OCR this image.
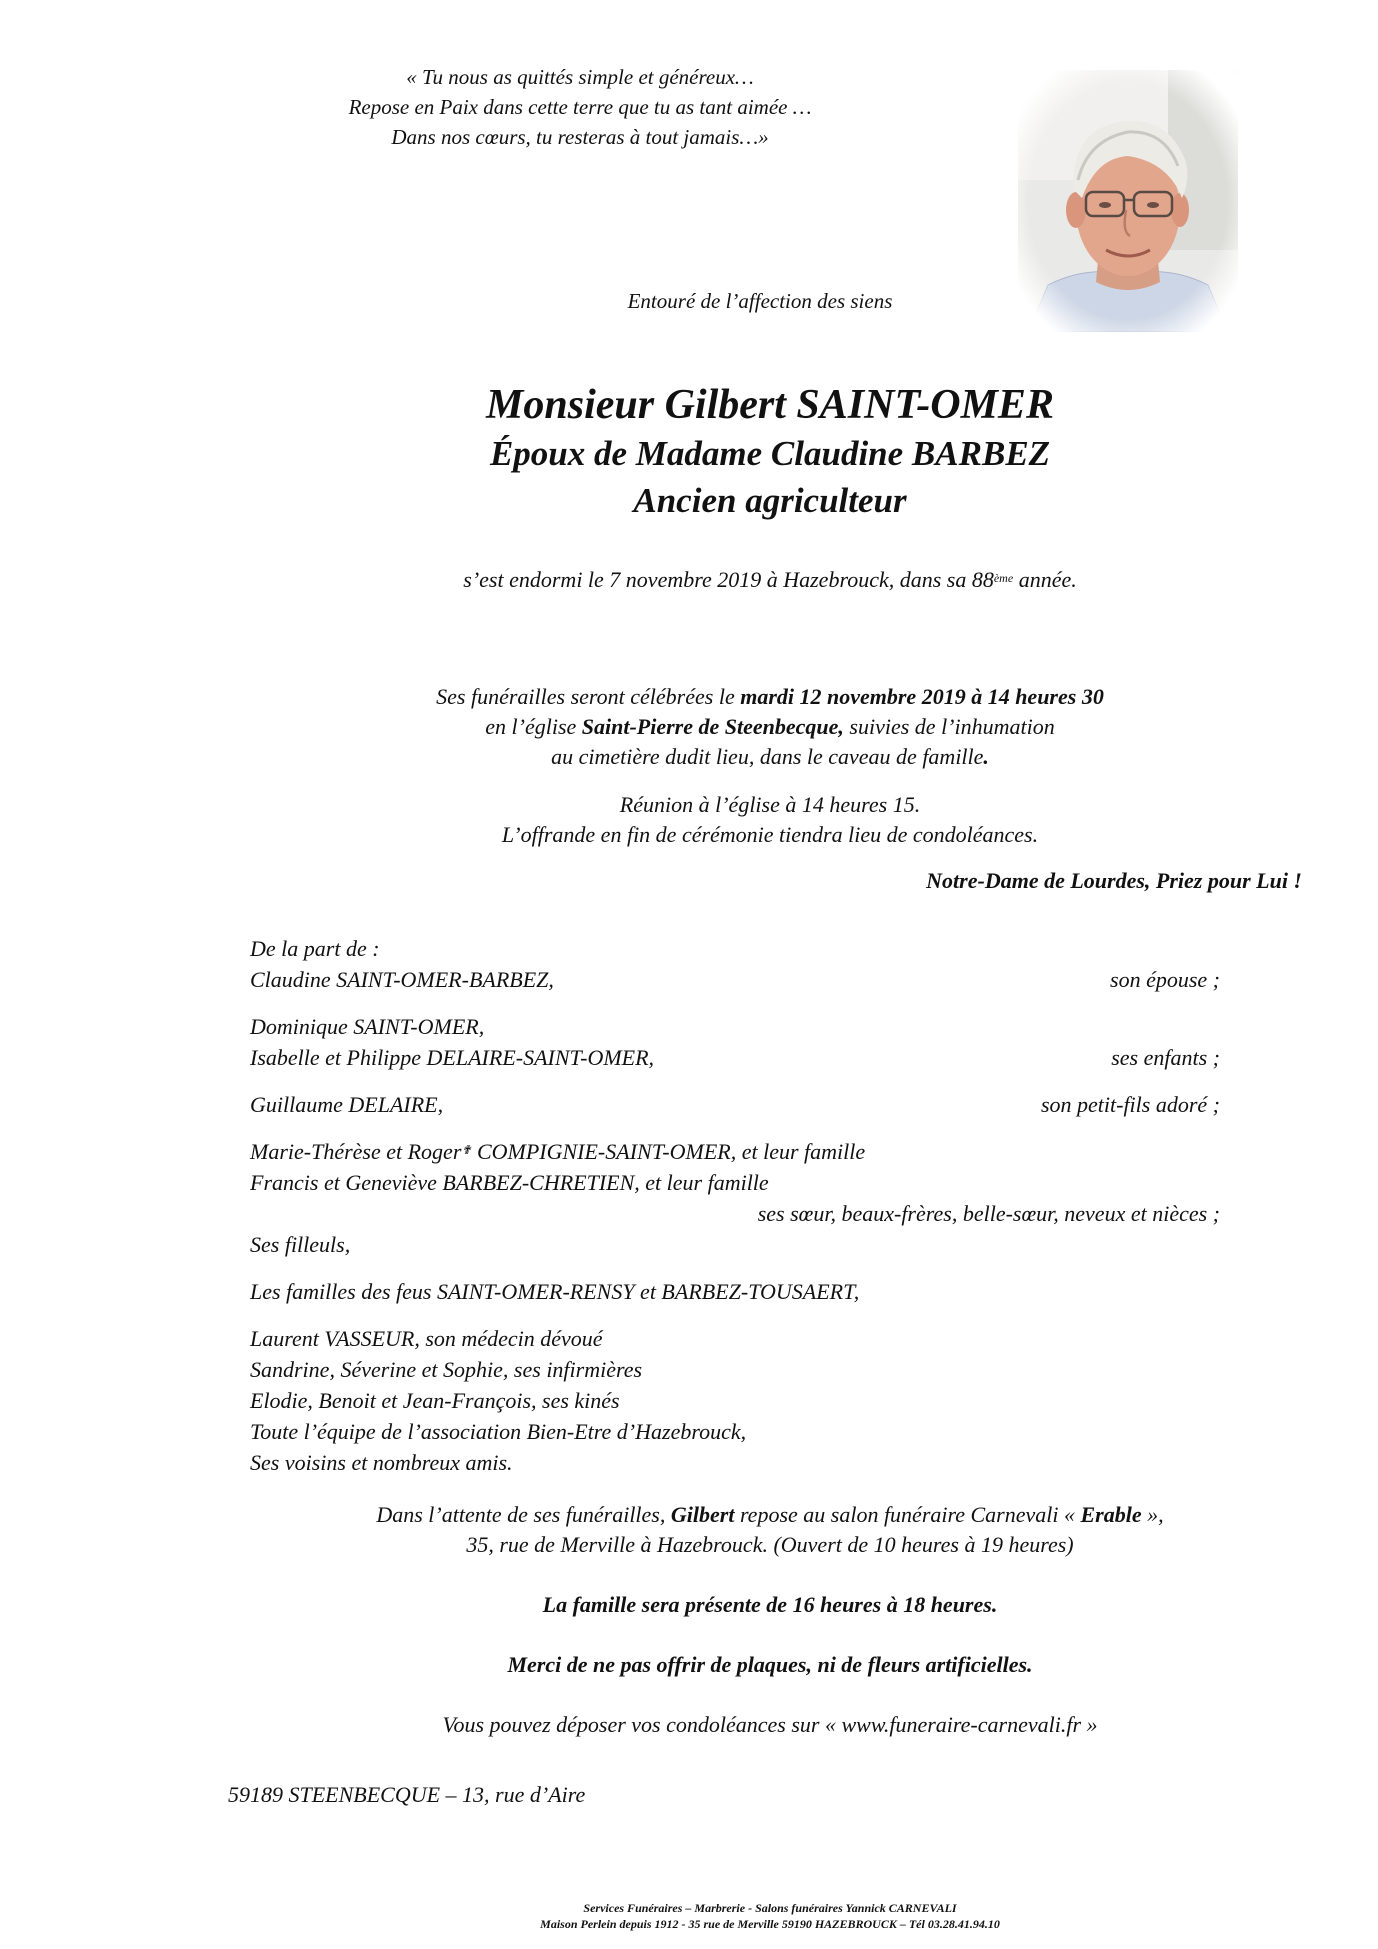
« Tu nous as quittés simple et généreux…
Repose en Paix dans cette terre que tu as tant aimée …
Dans nos cœurs, tu resteras à tout jamais…»
Entouré de l’affection des siens
Monsieur Gilbert SAINT-OMER
Époux de Madame Claudine BARBEZ
Ancien agriculteur
s’est endormi le 7 novembre 2019 à Hazebrouck, dans sa 88ème année.
Ses funérailles seront célébrées le mardi 12 novembre 2019 à 14 heures 30
en l’église Saint-Pierre de Steenbecque, suivies de l’inhumation
au cimetière dudit lieu, dans le caveau de famille.
Réunion à l’église à 14 heures 15.
L’offrande en fin de cérémonie tiendra lieu de condoléances.
Notre-Dame de Lourdes, Priez pour Lui !
De la part de :
Claudine SAINT-OMER-BARBEZ,	son épouse ;
Dominique SAINT-OMER,
Isabelle et Philippe DELAIRE-SAINT-OMER,	ses enfants ;
Guillaume DELAIRE,	son petit-fils adoré ;
Marie-Thérèse et Roger✟ COMPIGNIE-SAINT-OMER, et leur famille
Francis et Geneviève BARBEZ-CHRETIEN, et leur famille
ses sœur, beaux-frères, belle-sœur, neveux et nièces ;
Ses filleuls,
Les familles des feus SAINT-OMER-RENSY et BARBEZ-TOUSAERT,
Laurent VASSEUR, son médecin dévoué
Sandrine, Séverine et Sophie, ses infirmières
Elodie, Benoit et Jean-François, ses kinés
Toute l’équipe de l’association Bien-Etre d’Hazebrouck,
Ses voisins et nombreux amis.
Dans l’attente de ses funérailles, Gilbert repose au salon funéraire Carnevali « Erable »,
35, rue de Merville à Hazebrouck. (Ouvert de 10 heures à 19 heures)
La famille sera présente de 16 heures à 18 heures.
Merci de ne pas offrir de plaques, ni de fleurs artificielles.
Vous pouvez déposer vos condoléances sur « www.funeraire-carnevali.fr »
59189 STEENBECQUE – 13, rue d’Aire
Services Funéraires – Marbrerie - Salons funéraires Yannick CARNEVALI
Maison Perlein depuis 1912 - 35 rue de Merville 59190 HAZEBROUCK – Tél 03.28.41.94.10
